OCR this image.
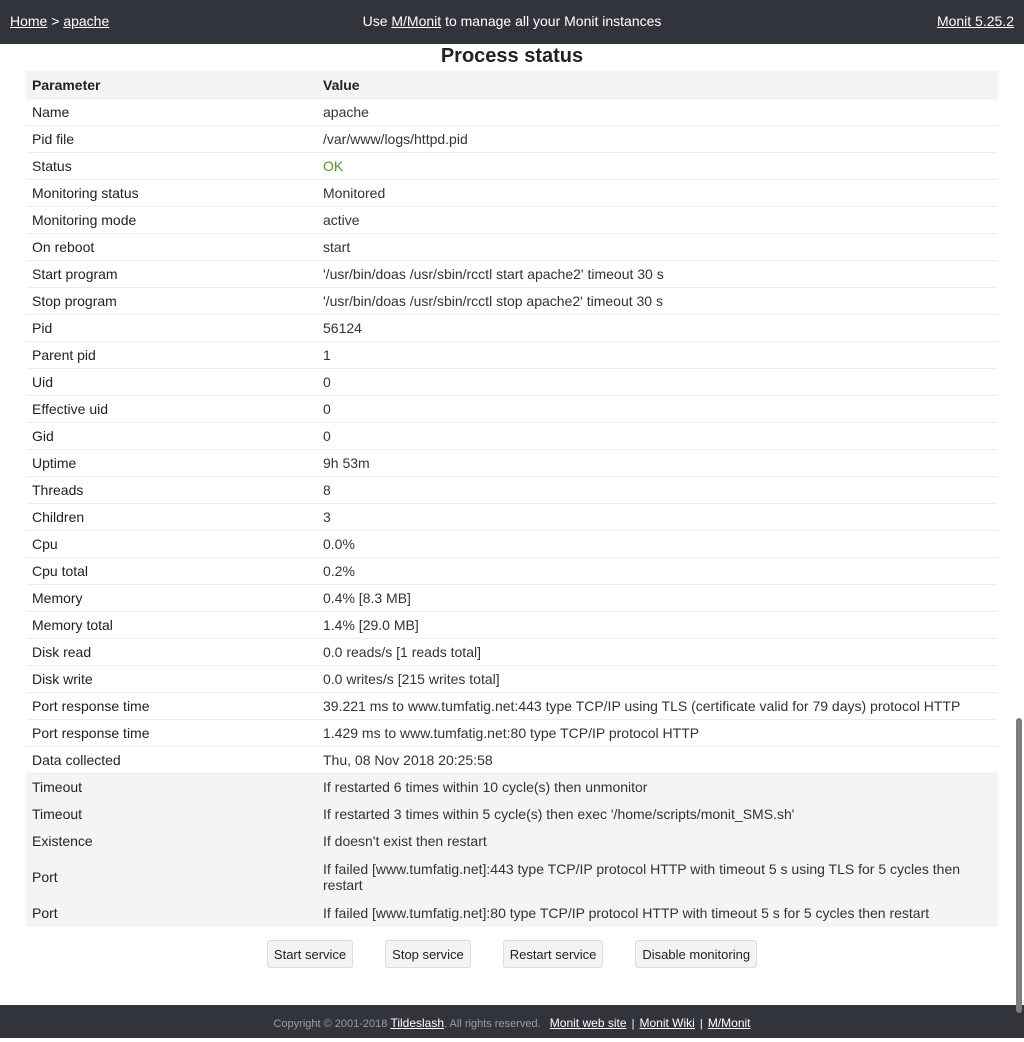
Home > apache	Use M/Monit to manage all your Monit instances	Monit 5.25.2
Process status
Parameter	Value
Name	apache
Pid file	/var/www/logs/httpd.pid
Status	OK
Monitoring status	Monitored
Monitoring mode	active
On reboot	start
Start program	'/usr/bin/doas /usr/sbin/rcctl start apache2' timeout 30 s
Stop program	'/usr/bin/doas /usr/sbin/rcctl stop apache2' timeout 30 s
Pid	56124
Parent pid	1
Uid	0
Effective uid	0
Gid	0
Uptime	9h 53m
Threads	8
Children	3
Cpu	0.0%
Cpu total	0.2%
Memory	0.4% [8.3 MB]
Memory total	1.4% [29.0 MB]
Disk read	0.0 reads/s [1 reads total]
Disk write	0.0 writes/s [215 writes total]
Port response time	39.221 ms to www.tumfatig.net:443 type TCP/IP using TLS (certificate valid for 79 days) protocol HTTP
Port response time	1.429 ms to www.tumfatig.net:80 type TCP/IP protocol HTTP
Data collected	Thu, 08 Nov 2018 20:25:58
Timeout	If restarted 6 times within 10 cycle(s) then unmonitor
Timeout	If restarted 3 times within 5 cycle(s) then exec '/home/scripts/monit_SMS.sh'
Existence	If doesn't exist then restart
Port	If failed [www.tumfatig.net]:443 type TCP/IP protocol HTTP with timeout 5 s using TLS for 5 cycles then restart
Port	If failed [www.tumfatig.net]:80 type TCP/IP protocol HTTP with timeout 5 s for 5 cycles then restart
Start service	Stop service	Restart service	Disable monitoring
Copyright © 2001-2018 Tildeslash. All rights reserved. Monit web site | Monit Wiki | M/Monit
